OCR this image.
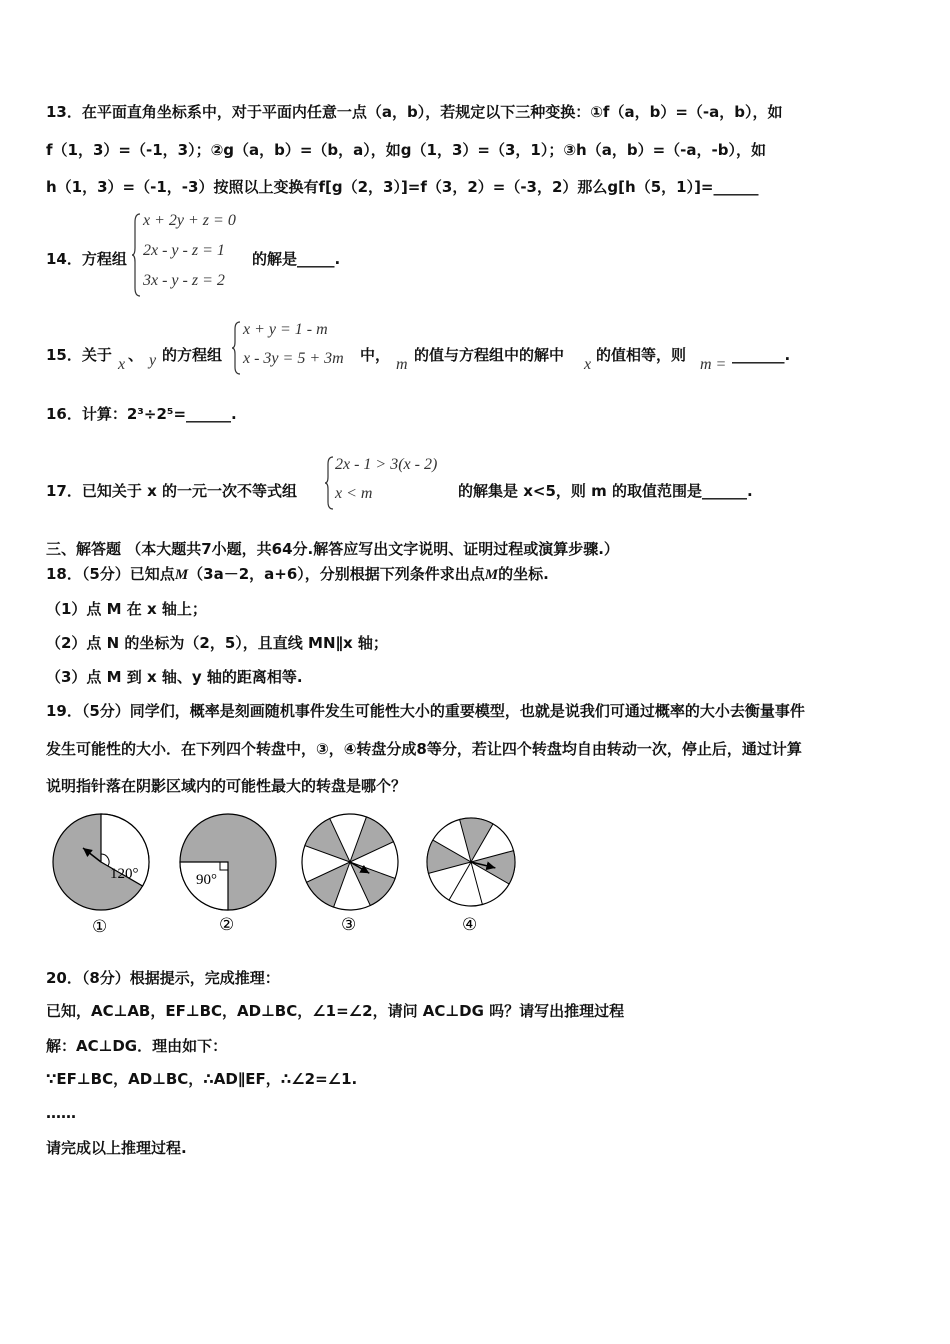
13．在平面直角坐标系中，对于平面内任意一点（a，b），若规定以下三种变换：①f（a，b）=（-a，b），如
f（1，3）=（-1，3）；②g（a，b）=（b，a），如g（1，3）=（3，1）；③h（a，b）=（-a，-b），如
h（1，3）=（-1，-3）按照以上变换有f[g（2，3）]=f（3，2）=（-3，2）那么g[h（5，1）]=______
14．方程组
x + 2y + z = 0
2x - y - z = 1
3x - y - z = 2
的解是_____.
15．关于
x
、 y 的方程组
x + y = 1 - m
x - 3y = 5 + 3m 中，
m
的值与方程组中的解中
x
的值相等，则
m =
_______.
16．计算：2³÷2⁵=______.
17．已知关于 x 的一元一次不等式组
2x - 1 > 3(x - 2)
x < m	的解集是 x<5，则 m 的取值范围是______.
三、解答题 （本大题共7小题，共64分.解答应写出文字说明、证明过程或演算步骤.）
18．（5分）已知点M（3a－2，a+6），分别根据下列条件求出点M的坐标.
（1）点 M 在 x 轴上；
（2）点 N 的坐标为（2，5），且直线 MN∥x 轴；
（3）点 M 到 x 轴、y 轴的距离相等.
19．（5分）同学们，概率是刻画随机事件发生可能性大小的重要模型，也就是说我们可通过概率的大小去衡量事件
发生可能性的大小．在下列四个转盘中，③，④转盘分成8等分，若让四个转盘均自由转动一次，停止后，通过计算
说明指针落在阴影区域内的可能性最大的转盘是哪个？
120°	90°
①	②	③	④
20．（8分）根据提示，完成推理：
已知，AC⊥AB，EF⊥BC，AD⊥BC，∠1=∠2，请问 AC⊥DG 吗？请写出推理过程
解：AC⊥DG．理由如下：
∵EF⊥BC，AD⊥BC，∴AD∥EF，∴∠2=∠1.
……
请完成以上推理过程.
